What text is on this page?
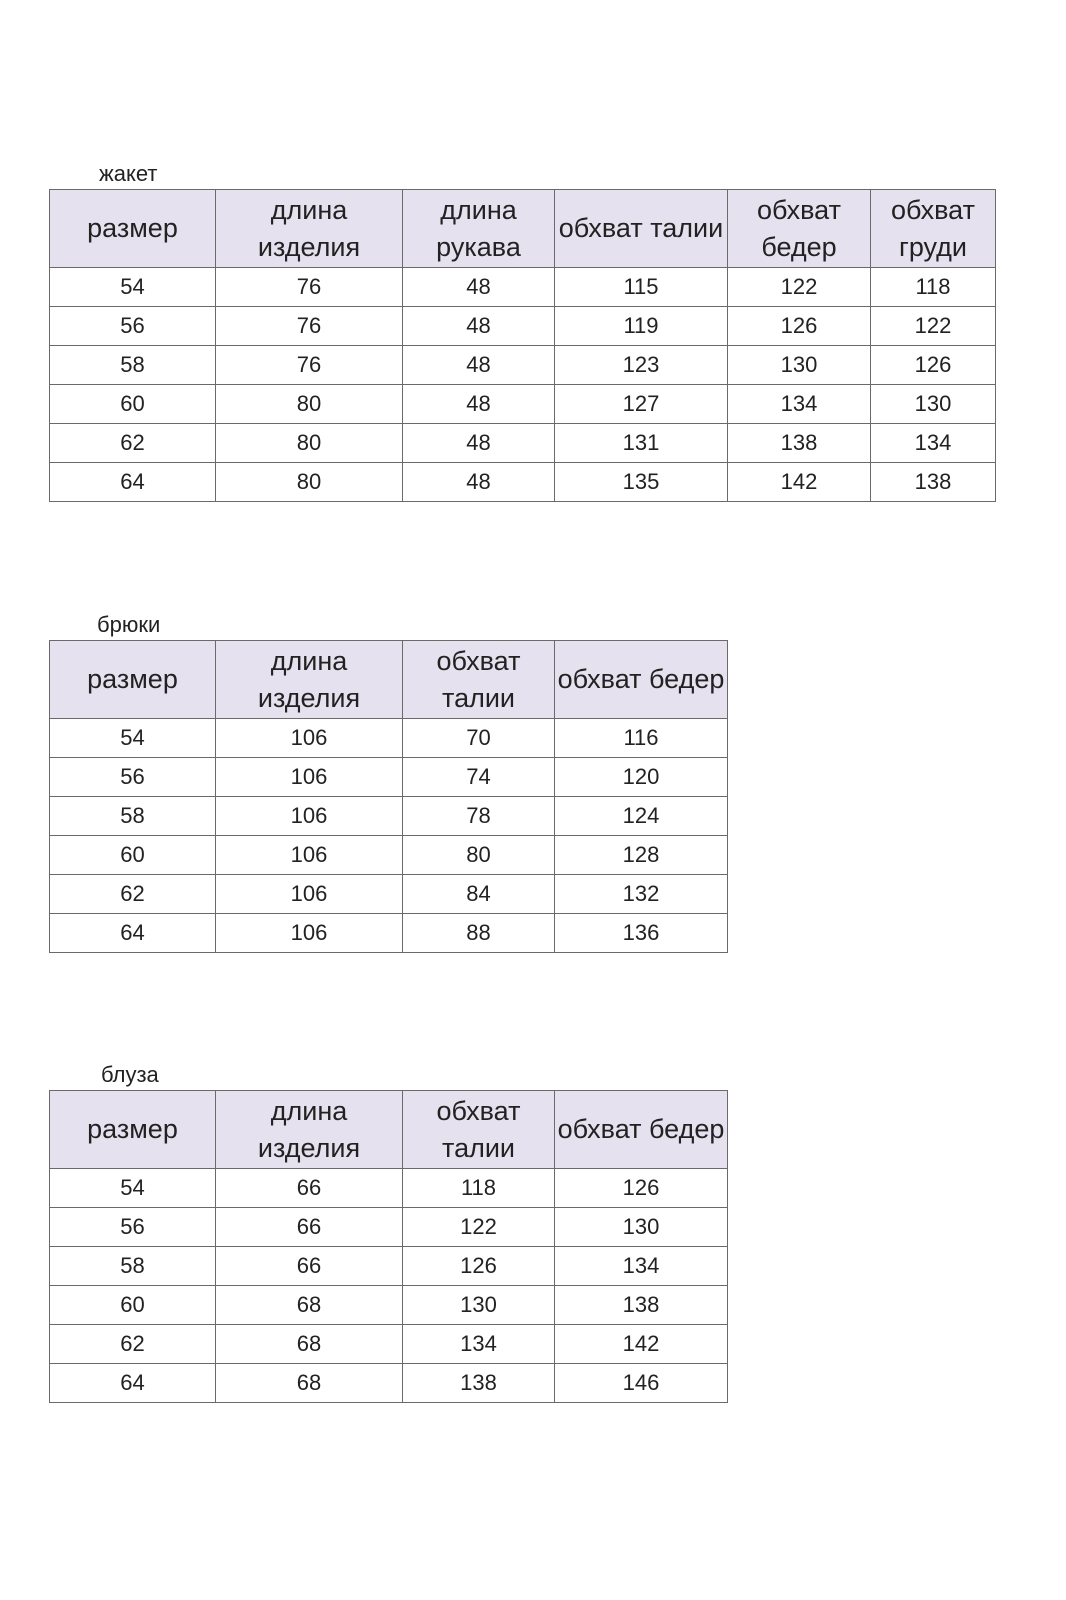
жакет
размер	длина изделия	длина рукава	обхват талии	обхват бедер	обхват груди
54	76	48	115	122	118
56	76	48	119	126	122
58	76	48	123	130	126
60	80	48	127	134	130
62	80	48	131	138	134
64	80	48	135	142	138
брюки
размер	длина изделия	обхват талии	обхват бедер
54	106	70	116
56	106	74	120
58	106	78	124
60	106	80	128
62	106	84	132
64	106	88	136
блуза
размер	длина изделия	обхват талии	обхват бедер
54	66	118	126
56	66	122	130
58	66	126	134
60	68	130	138
62	68	134	142
64	68	138	146
